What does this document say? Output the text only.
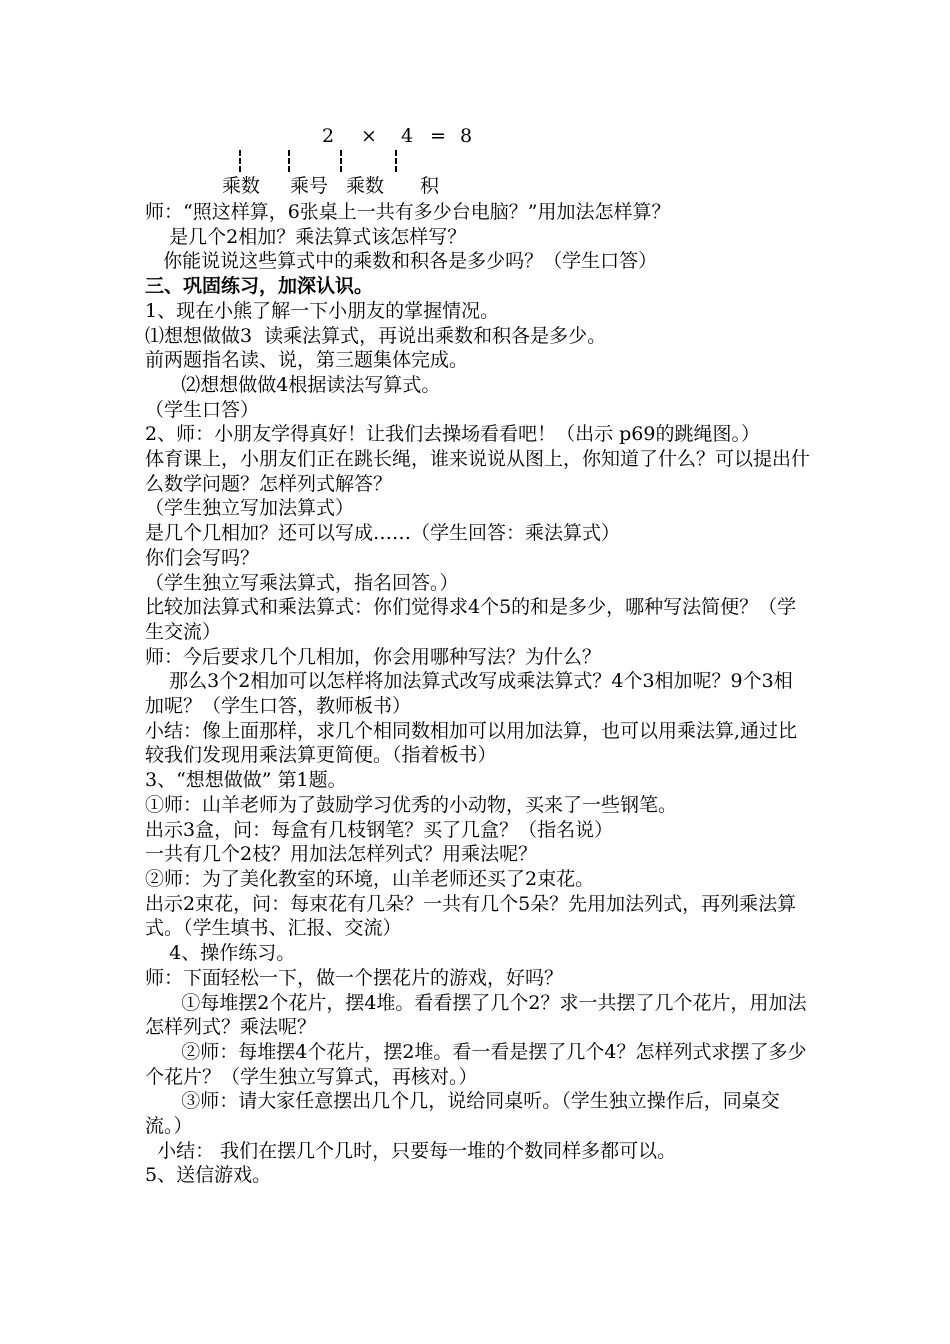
2 × 4 = 8
乘数 乘号 乘数 积

师：“照这样算，6张桌上一共有多少台电脑？”用加法怎样算？

是几个2相加？乘法算式该怎样写？

你能说说这些算式中的乘数和积各是多少吗？（学生口答）

三、巩固练习，加深认识。

1、现在小熊了解一下小朋友的掌握情况。

⑴想想做做3  读乘法算式，再说出乘数和积各是多少。

前两题指名读、说，第三题集体完成。

⑵想想做做4根据读法写算式。

（学生口答）

2、师：小朋友学得真好！让我们去操场看看吧！（出示 p69的跳绳图。）

体育课上，小朋友们正在跳长绳，谁来说说从图上，你知道了什么？可以提出什么数学问题？怎样列式解答？

（学生独立写加法算式）

是几个几相加？还可以写成……（学生回答：乘法算式）

你们会写吗？

（学生独立写乘法算式，指名回答。）

比较加法算式和乘法算式：你们觉得求4个5的和是多少，哪种写法简便？（学生交流）

师：今后要求几个几相加，你会用哪种写法？为什么？

那么3个2相加可以怎样将加法算式改写成乘法算式？4个3相加呢？9个3相加呢？（学生口答，教师板书）

小结：像上面那样，求几个相同数相加可以用加法算，也可以用乘法算,通过比较我们发现用乘法算更简便。（指着板书）

3、“想想做做” 第1题。

①师：山羊老师为了鼓励学习优秀的小动物，买来了一些钢笔。

出示3盒，问：每盒有几枝钢笔？买了几盒？（指名说）

一共有几个2枝？用加法怎样列式？用乘法呢？

②师：为了美化教室的环境，山羊老师还买了2束花。

出示2束花，问：每束花有几朵？一共有几个5朵？先用加法列式，再列乘法算式。（学生填书、汇报、交流）

4、操作练习。

师：下面轻松一下，做一个摆花片的游戏，好吗？

①每堆摆2个花片，摆4堆。看看摆了几个2？求一共摆了几个花片，用加法怎样列式？乘法呢？

②师：每堆摆4个花片，摆2堆。看一看是摆了几个4？怎样列式求摆了多少个花片？（学生独立写算式，再核对。）

③师：请大家任意摆出几个几，说给同桌听。（学生独立操作后，同桌交流。）

小结： 我们在摆几个几时，只要每一堆的个数同样多都可以。

5、送信游戏。
